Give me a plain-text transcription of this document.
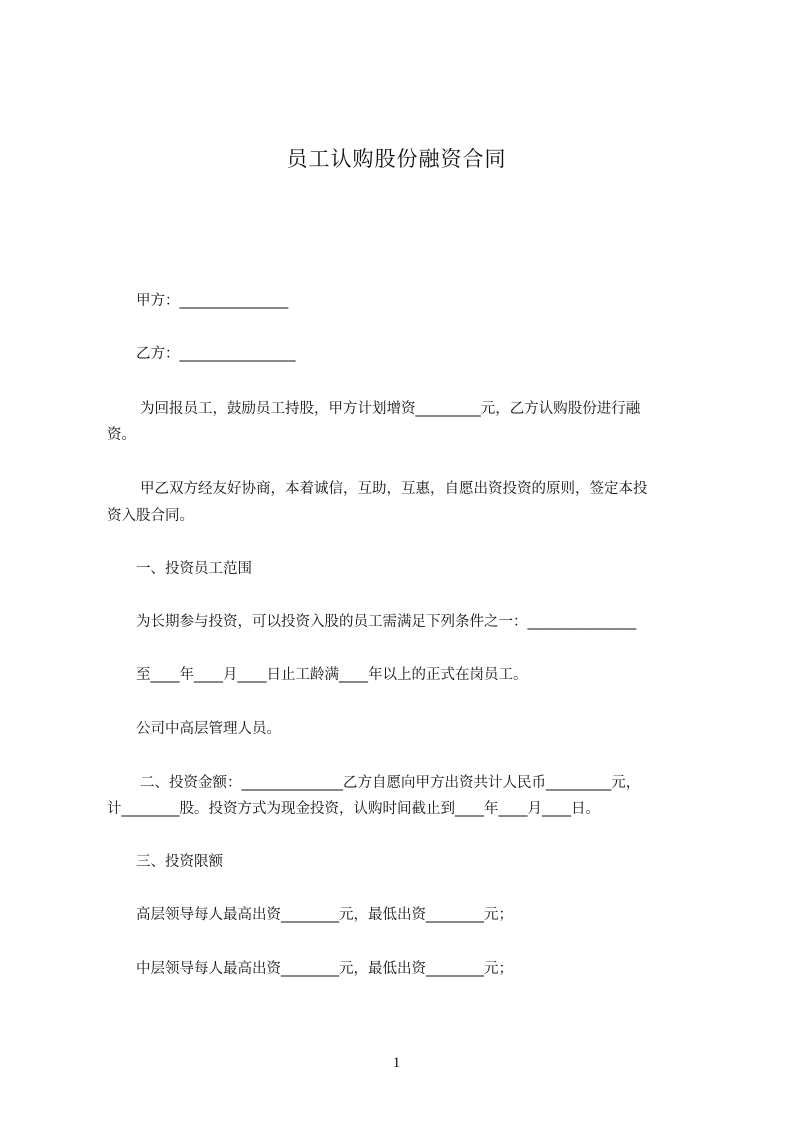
员工认购股份融资合同
甲方：_______________
乙方：________________
为回报员工，鼓励员工持股，甲方计划增资_________元，乙方认购股份进行融
资。
甲乙双方经友好协商，本着诚信，互助，互惠，自愿出资投资的原则，签定本投
资入股合同。
一、投资员工范围
为长期参与投资，可以投资入股的员工需满足下列条件之一：_______________
至____年____月____日止工龄满____年以上的正式在岗员工。
公司中高层管理人员。
二、投资金额：______________乙方自愿向甲方出资共计人民币_________元，
计________股。投资方式为现金投资，认购时间截止到____年____月____日。
三、投资限额
高层领导每人最高出资________元，最低出资________元；
中层领导每人最高出资________元，最低出资________元；
1
